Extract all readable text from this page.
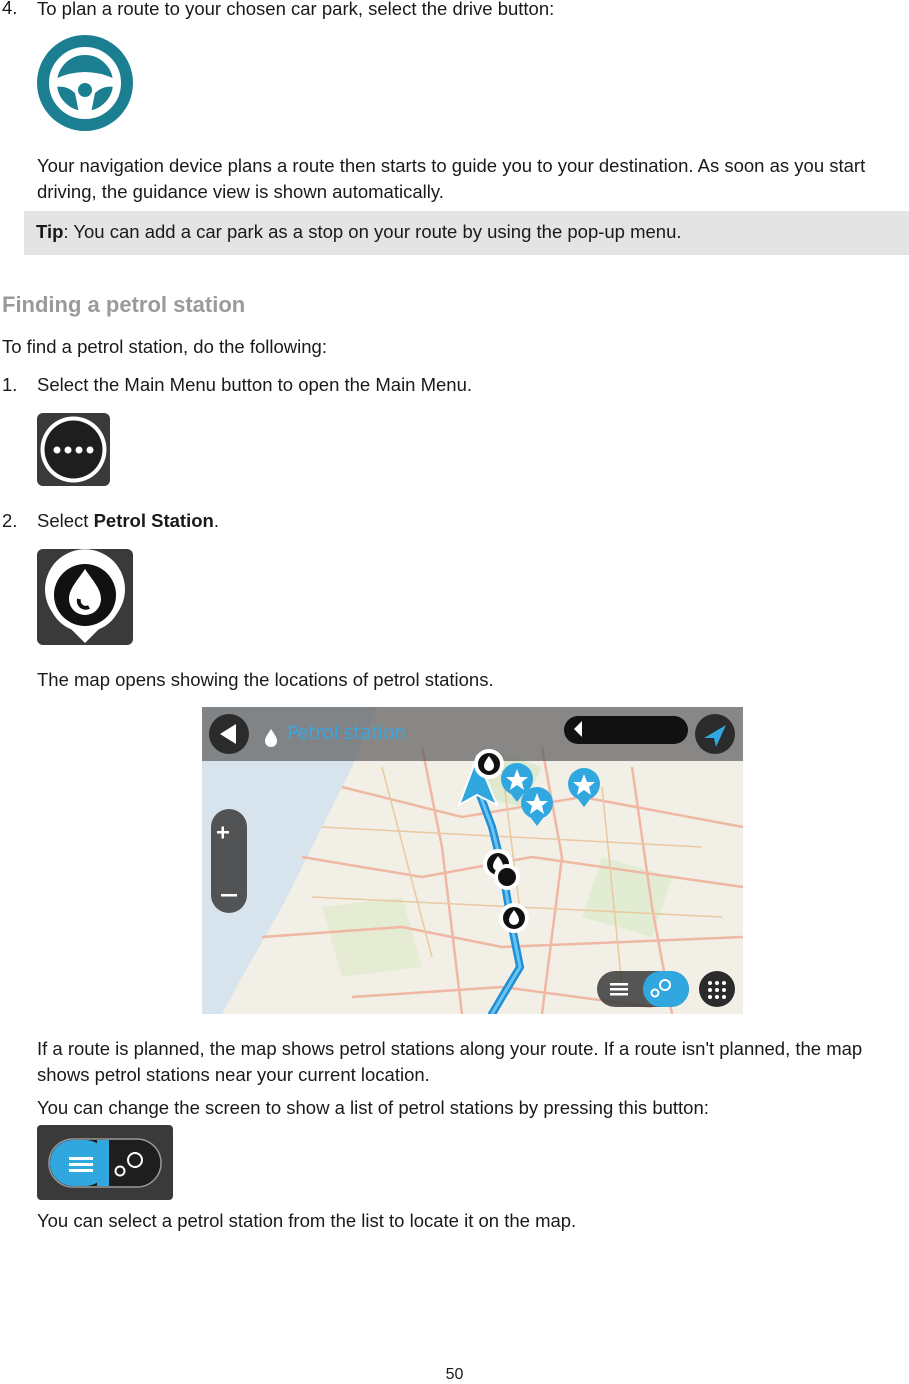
4. To plan a route to your chosen car park, select the drive button:
Your navigation device plans a route then starts to guide you to your destination. As soon as you start driving, the guidance view is shown automatically.
Tip: You can add a car park as a stop on your route by using the pop-up menu.
Finding a petrol station
To find a petrol station, do the following:
1. Select the Main Menu button to open the Main Menu.
2. Select Petrol Station.
The map opens showing the locations of petrol stations.
Petrol station
If a route is planned, the map shows petrol stations along your route. If a route isn't planned, the map shows petrol stations near your current location.
You can change the screen to show a list of petrol stations by pressing this button:
You can select a petrol station from the list to locate it on the map.
50
